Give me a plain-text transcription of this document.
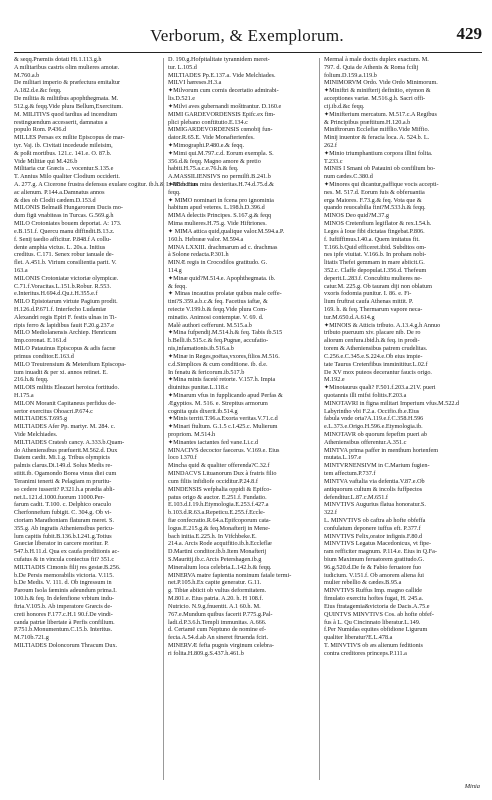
Verborum, & Exemplorum.	429
& seqq.Præmiis dotati Hi.1.113.g.h
A militaribus castris olim mulieres amotæ.
M.760.a.b
De militari imperio & præfectura emitaltur
A.182.d.e.&c feqq.
De militia & militibus apophthegmata. M.
512.g.& feqq.Vide plura Bellum,Exercitum.
M. MILITIVS quod tardius ad incendium
restinguendum accesserit, damnatus a
populo Rom. P.436.d
MILLES Persas ex milite Episcopus de mar-
tyr. Vaj. ib. Civitati incedeude mileisim,
& poßt mortibus. 121.c. 141.e. O. 87.b.
Vide Militiæ qui M.426.b
Militaria cur Græcis ... vocentur.S.135.e
T. Annius Milo qualiter Clodium occiderit.
A. 277.g. A Cicerone frustra defensus exulare cogitur. ib.h.& L.485.b.Eius
ac alienum. P.144.a.Damnatus annos
& dies ob Clodii cædem.D.153.d
MILONIS Belmaiß Hungarorum Ducis mo-
dum figü vnabiteas in Turcas. G.569.g.h
MILO Crotoniates bouem deportat. A: 173.
e.B.151.f. Quercu manu diffindit.B.13.z.
f. Senij taedio afficitur. P.848.f A collu-
dente amphia victus. L. 20s.a. Initius
creditus. C.171. Senex robur ianuale de-
flet. A.451.b. Virium consilientia parit. V.
163.a
MILONIS Crotoniatæ victoriæ olympicæ.
C.71.f.Voracitas.L.151.b.Robur. R.553.
e.Interitus.H.694.d.Qu.t.H.355.e.f
MILO Epistotarum virtute Pagium prodit.
H.126.d.P.671.f. Interfecho Ludamiæ
Alexandri regis Epiri F. festis ulnas in Ti-
ripis ferro & lapidibus fauit F.20.g.237.e
MILO Mediolanensis Archiep. Henricum
Imp.coronat. E.161.d
MILO Patauinus Episcopus & adis facræ
primus conditor.E.163.d
MILO Treuirensium & Metenfium Episcopa-
tum inuadit & per xi. annos retinet. E.
216.h.& feqq.
MILOIS militis Eleazari heroica fortitudo.
H.175.a
MILON Moranit Capitaneus perfidus de-
sertor exercitus Ohoacri.P.674.c
MILTIADES.T.695.g
MILTIADES Afer Pp. martyr. M. 284. c.
Vide Melchiades.
MILTIADES Cratesb cancy. A.333.b.Quam-
do Atheniensibus præfuerit.M.562.d. Dux
Datem cædit. Mi.1.g. Tribus olympicis
palmis clarus.Di.149.d. Solus Medis re-
stitit.ib. Ogamondo Borea vinus diei cum
Teranimi tenerti & Pelagiam m pruritu-
so cedere iusserit? P.321.h.a prædia abli-
net.L.121.d.1000.fuorum 11000.Per-
farum cadit. T.100. c. Delphico oraculo
Cherfonnefum fubigit. C. 304.g. Ob vi-
ctoriam Marathoniam flaturam meret. S.
355.g. Ab ingratis Atheniensibus pericu-
lum capitis fubit.B.136.b.I.241.g.Totius
Græciæ liberator in carcere moritur. P.
547.b.H.11.d. Qua ex caufa proditionis ac-
cufatus & in vincula coniectus fit? 351.c
MILTIADIS Cimonis filij res gestæ.B.256.
b.De Persis memorabilis victoria. V.115.
b.De Medis. V. 111. d. Ob ingressum in
Paroum Isola fæminis adeundum prima.I.
100.h.& feq. In defenfione vrbium indu-
ftria.V.105.b. Ab imperatore Græcis de-
creti honores F.177.c.H.1 90.f.De vindi-
canda patriæ libertate à Perfis confilium.
P.751.b.Monumentum.C.15.b. Interitus.
M.710b.721.g
MILTIADES Doloncorum Thracum Dux.
D. 190.g.Hofpitalitate tyrannidem meret-
tur. L.105.d
MILTIADES Pp.E.137.a. Vide Melchiades.
MILVI hæreses.H.3.a
✦Milvorum cum cornis decertatio admirabi-
lis.D.521.e
✦Milvi aves gubernandi mošttrantur. D.160.e
MIMI GARDEVORDENSIS Epifc.ex fim-
plici plebano conftitutio.E.134.c
MIMIGARDEVORDENSIS cœnobij fun-
dator.R.65.E. Vide Monafterienfes.
✦Mimographi.P.480.e.& feqq.
✦Mimi qui.M.797.c.d. Eorum exempla. S.
356.d.& feqq. Magno amore & pretio
habiti.H.75.a.c.e.76.h.& feq.
A.MASSILIENSIVS no permilfi.B.241.b
✦Mimorum mira dexteritas.H.74.d.75.d.&
feqq.
✦ MIMO nominari in fcena pro ignominia
habitum apud veteres. L.198.h.D.396.d
MIMA delectis Principes. S.167.g.& feqq
Mima mulieres.H.75.g. Vide Hiftriones.
✦ MIMA attica quid,qualique valor.M.594.a.P.
160.h. Hebrææ valor. M.594.a
MINA LXXIII. drachmarum ad c. drachmas
à Solone redacta.P.301.h
MINÆ regis in Crocodilos gratitudo. G.
114.g
✦Minæ quid?M.514.e. Apophthegmata. ib.
& feqq.
✦ Minas incautius prolatæ quibus male ceffe-
tint?S.359.a.b.c.& feq. Facetius iaftæ, &
reiecte V.199.b.& feqq.Vide plura Com-
minatio. Animosi contemptæ. V. 69. d.
Malè authori cefferunt. M.515.a.b
✦Mina fufpendij.M.514.h.& feq. Tabis ib.515
b.Belli.ib.515.c.& feq.Pugnæ, accufatio-
nis,infamationis.ib.516.a.b
✦Minæ in Reges,poëtas,vxores,filios.M.516.
c.d.Simplices & cum conditione. ib. d.e.
In fenatu & fericorum.ib.517.b
✦Mina minis faceté retorte. V.157.h. Impia
diuinitus punitæ.L.118.c
✦Minarum vfus in fupplicando apud Perfas &
Ægyptios. M. 516. e. Strepitus armorum
cognita quis dixerit.ib.514.g
✦Minis territi.T.96.a.Exorta veritas.V.71.c.d
✦Minari ftultum. G.1.5 c.I.425.c. Mulierum
propriom. M.514.h
✦Minantes iactantes fed vane.Li.c.d
MINACIVS decoctor faecerus. V.169.e. Eius
loco I.370.f
Mincha quid & qualiter offerenda?C.32.f
MINDACVS Lituanorum Dux à fratris filio
cum filiis infidiofe occiditur.P.24.8.f
MINDENSIS wefphalia oppidi & Epifco-
patus origo & auctor. E.251.f. Fundatio.
E.103.d.I.19.h.Etymologia.E.253.f.427.a
b.103.d.R.63.a.Repeticu.E.255.f.Eccle-
fiæ confecratio.R.64.a.Epifcoporum cata-
logus.E.215.g.& feq.Monafterij in Mene-
bach initia.E.225.h. In Vifchbeke.E.
214.a. Arcis Rode acquifitio.ib.h.Eccleflæ
D.Martini conditor.ib.b.Item Monafterij
S.Mauritij.ib.c.Arcis Petershagen.ib.g
Mineralium loca celebria.L.142.b.& feqq.
MINERVA matre fapientia nominum fatale termi-
net.P.105.h.Ex capite generatur. G.11.
g. Tibiæ abiicit ob vultus deformitatem.
M.801.e. Eius patria. A.20. h. H 108.f.
Nutricio. N.9.g.fnuentit. A.1 60.h. M.
767.e.Mundum quibus facerit P.775.g.Pal-
ladi.d.P.3.6.h.Templi immunitas. A.666.
d. Certamë cum Neptuno de nomine ef-
fecta.A.54.d.ab An sineret ftruenda fciri.
MINERVÆ fefta pugnis virginum celebra-
ri folita.H.809.g.S.437.h.461.b
Mermal à male doctis duplex exactum. M.
797. d. Quia de Athenis & Roma fcilij
folium.D.159.a.119.b
MINIMORVM Ordo. Vide Ordo Minimorum.
✦Miniftri & minifterij definitio, etymon &
acceptiones variæ. M.516.g.h. Sacri offi-
cij.ib.d.&c feqq.
✦Minifterium mercatum. M.517.c.A Regibus
& Principibus præftitum.H.120.a.b
Miniftrorum Ecclefiæ mifflio.Vide Miffio.
Minij inuentor & feracia loca. A. 524.b. L.
262.f
✦Minio triumphantium corpora illini folita.
T.233.c
MINIS I Smani ob Patauini ob confilium bo-
num cædes.C.380.d
✦Minores qui dicantur,paffique vocis accepti-
nes. M. 517.d. Eorum fuis & obferuantia
erga Maiores. F.73.g.& feq. Vota que &
quando reuocabilia fint?M.533.h.& feqq.
MINOS Deo quid?M.37.g
MINOS Cretenfium legiflator & rex.I.54.h.
Leges à Ioue fibi dictatas fingebat.P.806.
f. Iuftiffimus.I.40.a. Quem imitatus fit.
T.166.b.Quid efficeret.ibid. Subditos om-
nes ipfe viuitat. V.166.b. In proham nobi-
litatis Thefei gemmam in mare abiicit.G.
352.c. Claffe depopulat.I.356.d. Thefeum
deperit.L.283.f. Concubitu mulieres ne-
catur.M. 225.g. Ob tauram diji non oblatum
vxoris fodomia punitur. I. 86. e. Fi-
lium fruftrat caufa Athenas mittit. P.
169. h. & feq. Thermarum vapore neca-
tur.M.650.d.A.614.g
✦MINOIS & Atticis tributo. A.13.4.g.h Annuo
tributo pueruum xiv. placare nib. De ro
aliorum cenfura.ibid.h.& feq. in prodi-
torem & Atheniensibus patrem crudelitas.
C.256.e.C.345.e.S.224.e.Ob eius impie-
tate Taurus Cretenfibus imminititur.L.02.f
De XV mox puteos decerantur faucis origo.
M.192.e
✦Minotaurus quali? F.501.f.203.a.21V. pueri
quotannis illi mifsi folitis.F.203.a
MINOTAVRI in figna militari Imperium vfus.M.522.d
Labyrintho vbi F.2.a. Occifio.ib.e.Eius
fabula vnde orta?A.119.e.f.C.358.H.596
e.L.373.e.Origo.H.596.e.Etymologia.ib.
MINOTAVR ob quorum fepefim pueri ab
Atheniensibus offerentur.A.351.c
MINTVA prima paffer in menthum hortenfem
mutata.L.197.e
MINTVRNENSIVM in C.Marium fugien-
tem affectum.P.737.f
MINTVA vaftalia via defentia.V.87.e.Ob
antiquorum cultum & incolis fuffpectos
defenditur.L.87.c.M.651.f
MINVTIVS Augurius flatua honoratur.S.
322.f
L. MINVTIVS ob caftra ab hofte obfeffa
confulatum deponere iuffus eft. P.377.f
MINVTIVS Felix,orator infignis.F.80.d
MINVTIVS Legatus Macedonicus, vt fipe-
ram refficiter magnum. P.114.e. Eius in Q.Fa-
bium Maximum feruatorem gratitudo.G.
96.g.520.d.De fe & Fabio feruatore fuo
iudicium. V.151.f. Ob amorem aliena ſui
mulier rebellio & cædes.B.95.a
MINVTIVS Ruffus Imp. magno callide
fimulato exercitu hoftes fugat, H. 245.a.
Eius ftratagemia&victoria de Dacis.A.75.e
QUINTVS MINVTIVS Cos. ab hofte obfef-
fus à L. Qu Cincinnato liberatur.L.149.
f.Per Numidas equites obfidione Ligurum
qualiter liberatur?E.L.478.a
T. MINVTIVS ob æs alienum feditionis
contra creditores princeps.P.111.a
Minia
